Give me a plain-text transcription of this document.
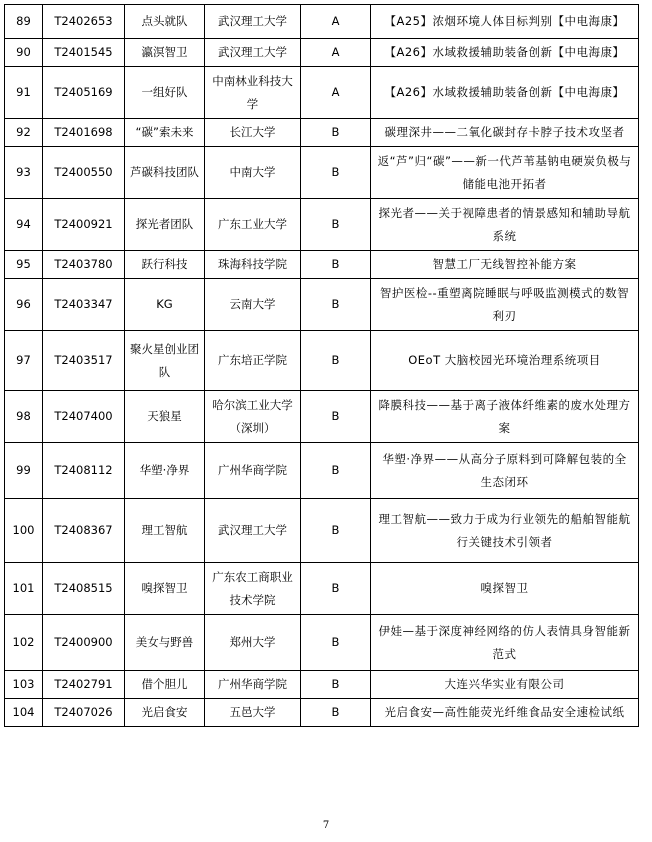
89	T2402653	点头就队	武汉理工大学	A	【A25】浓烟环境人体目标判别【中电海康】
90	T2401545	瀛溟智卫	武汉理工大学	A	【A26】水域救援辅助装备创新【中电海康】
91	T2405169	一组好队	中南林业科技大学	A	【A26】水域救援辅助装备创新【中电海康】
92	T2401698	“碳”索未来	长江大学	B	碳理深井——二氧化碳封存卡脖子技术攻坚者
93	T2400550	芦碳科技团队	中南大学	B	返“芦”归“碳”——新一代芦苇基钠电硬炭负极与储能电池开拓者
94	T2400921	探光者团队	广东工业大学	B	探光者——关于视障患者的情景感知和辅助导航系统
95	T2403780	跃行科技	珠海科技学院	B	智慧工厂无线智控补能方案
96	T2403347	KG	云南大学	B	智护医检--重塑离院睡眠与呼吸监测模式的数智利刃
97	T2403517	聚火星创业团队	广东培正学院	B	OEoT 大脑校园光环境治理系统项目
98	T2407400	天狼星	哈尔滨工业大学（深圳）	B	降膜科技——基于离子液体纤维素的废水处理方案
99	T2408112	华塑·净界	广州华商学院	B	华塑·净界——从高分子原料到可降解包装的全生态闭环
100	T2408367	理工智航	武汉理工大学	B	理工智航——致力于成为行业领先的船舶智能航行关键技术引领者
101	T2408515	嗅探智卫	广东农工商职业技术学院	B	嗅探智卫
102	T2400900	美女与野兽	郑州大学	B	伊娃—基于深度神经网络的仿人表情具身智能新范式
103	T2402791	借个胆儿	广州华商学院	B	大连兴华实业有限公司
104	T2407026	光启食安	五邑大学	B	光启食安—高性能荧光纤维食品安全速检试纸
7
